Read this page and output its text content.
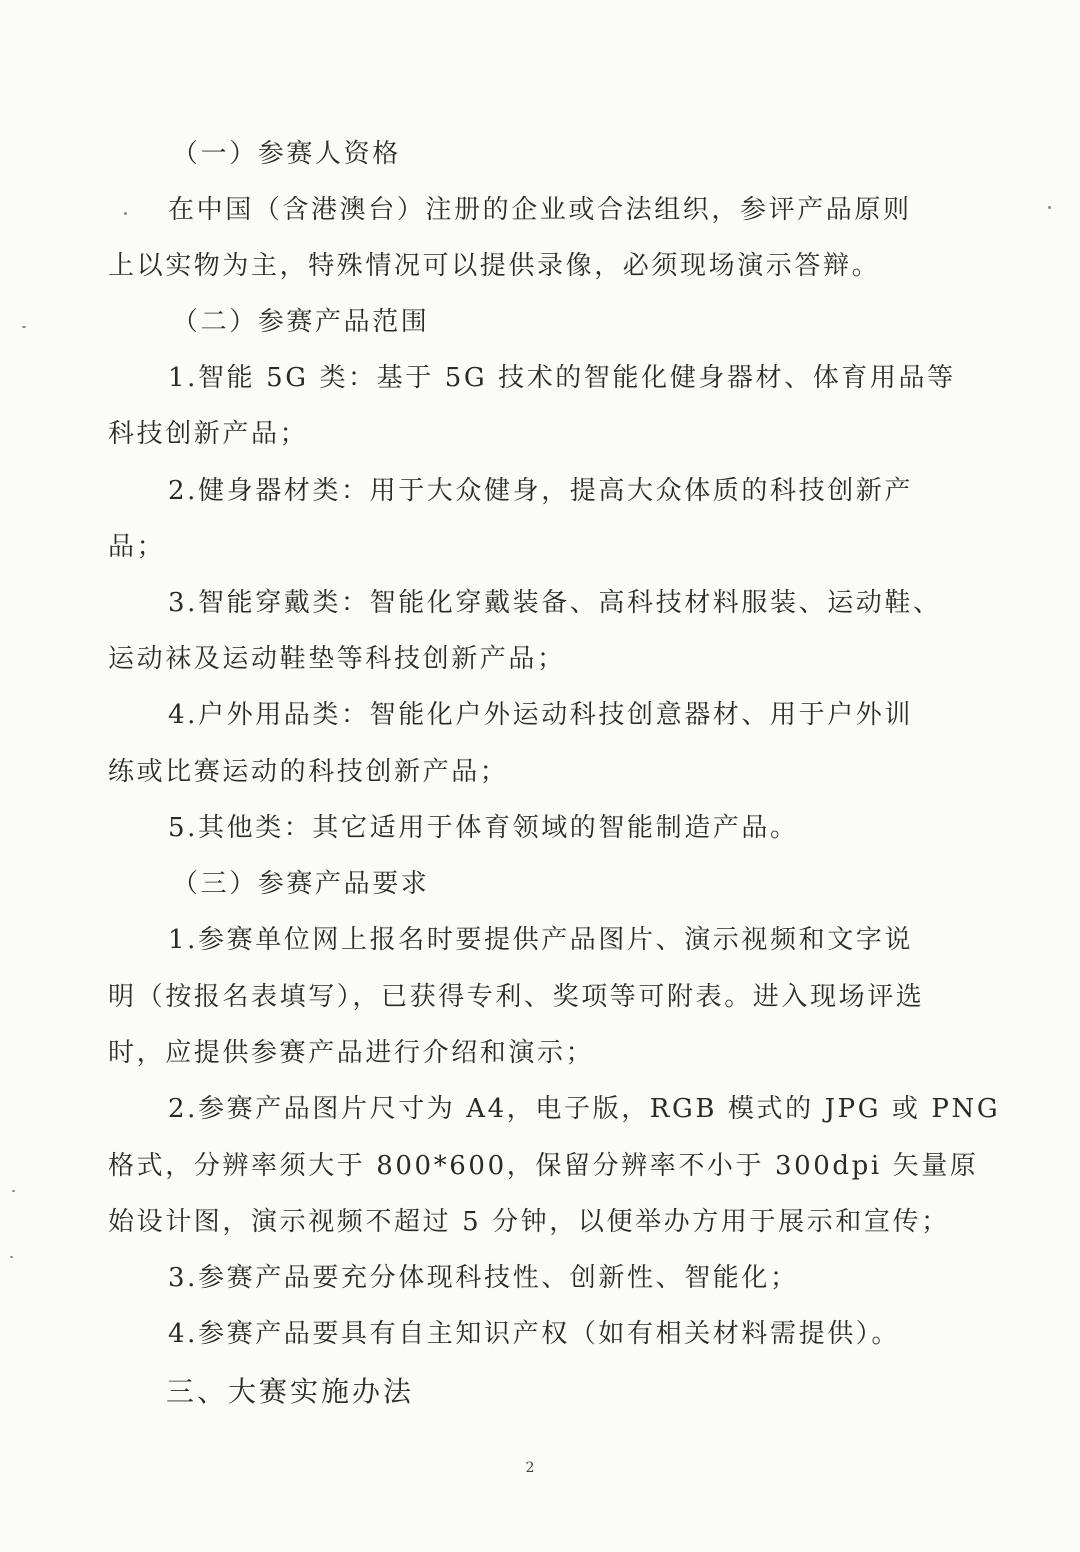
（一）参赛人资格

在中国（含港澳台）注册的企业或合法组织，参评产品原则

上以实物为主，特殊情况可以提供录像，必须现场演示答辩。

（二）参赛产品范围

1.智能 5G 类：基于 5G 技术的智能化健身器材、体育用品等

科技创新产品；

2.健身器材类：用于大众健身，提高大众体质的科技创新产

品；

3.智能穿戴类：智能化穿戴装备、高科技材料服装、运动鞋、

运动袜及运动鞋垫等科技创新产品；

4.户外用品类：智能化户外运动科技创意器材、用于户外训

练或比赛运动的科技创新产品；

5.其他类：其它适用于体育领域的智能制造产品。

（三）参赛产品要求

1.参赛单位网上报名时要提供产品图片、演示视频和文字说

明（按报名表填写），已获得专利、奖项等可附表。进入现场评选

时，应提供参赛产品进行介绍和演示；

2.参赛产品图片尺寸为 A4，电子版，RGB 模式的 JPG 或 PNG

格式，分辨率须大于 800*600，保留分辨率不小于 300dpi 矢量原

始设计图，演示视频不超过 5 分钟，以便举办方用于展示和宣传；

3.参赛产品要充分体现科技性、创新性、智能化；

4.参赛产品要具有自主知识产权（如有相关材料需提供）。

三、大赛实施办法

2
